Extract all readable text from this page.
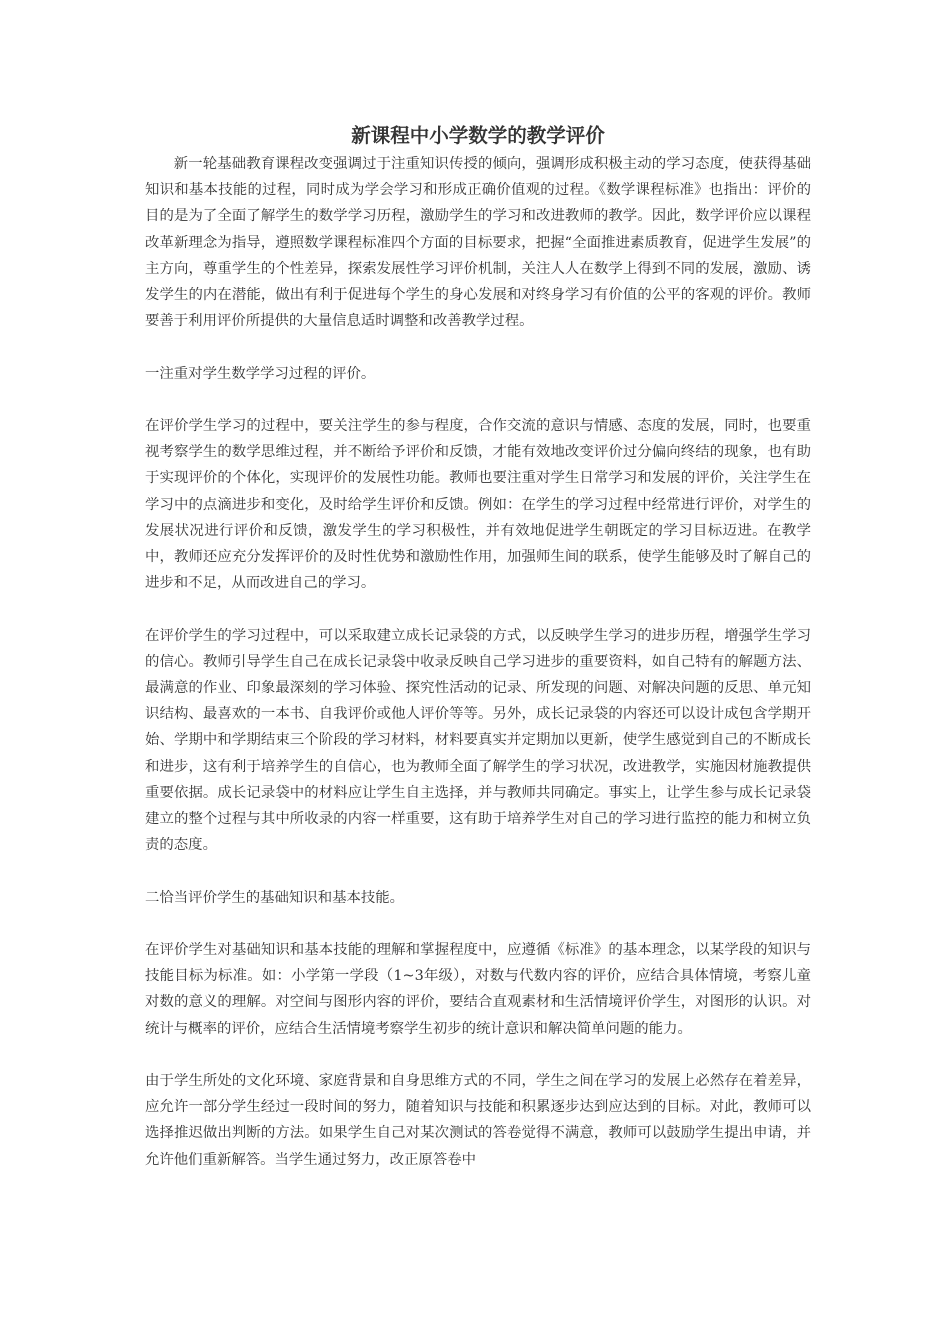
新课程中小学数学的教学评价

新一轮基础教育课程改变强调过于注重知识传授的倾向，强调形成积极主动的学习态度，使获得基础知识和基本技能的过程，同时成为学会学习和形成正确价值观的过程。《数学课程标准》也指出：评价的目的是为了全面了解学生的数学学习历程，激励学生的学习和改进教师的教学。因此，数学评价应以课程改革新理念为指导，遵照数学课程标准四个方面的目标要求，把握“全面推进素质教育，促进学生发展”的主方向，尊重学生的个性差异，探索发展性学习评价机制，关注人人在数学上得到不同的发展，激励、诱发学生的内在潜能，做出有利于促进每个学生的身心发展和对终身学习有价值的公平的客观的评价。教师要善于利用评价所提供的大量信息适时调整和改善教学过程。

一注重对学生数学学习过程的评价。

在评价学生学习的过程中，要关注学生的参与程度，合作交流的意识与情感、态度的发展，同时，也要重视考察学生的数学思维过程，并不断给予评价和反馈，才能有效地改变评价过分偏向终结的现象，也有助于实现评价的个体化，实现评价的发展性功能。教师也要注重对学生日常学习和发展的评价，关注学生在学习中的点滴进步和变化，及时给学生评价和反馈。例如：在学生的学习过程中经常进行评价，对学生的发展状况进行评价和反馈，激发学生的学习积极性，并有效地促进学生朝既定的学习目标迈进。在教学中，教师还应充分发挥评价的及时性优势和激励性作用，加强师生间的联系，使学生能够及时了解自己的进步和不足，从而改进自己的学习。

在评价学生的学习过程中，可以采取建立成长记录袋的方式，以反映学生学习的进步历程，增强学生学习的信心。教师引导学生自己在成长记录袋中收录反映自己学习进步的重要资料，如自己特有的解题方法、最满意的作业、印象最深刻的学习体验、探究性活动的记录、所发现的问题、对解决问题的反思、单元知识结构、最喜欢的一本书、自我评价或他人评价等等。另外，成长记录袋的内容还可以设计成包含学期开始、学期中和学期结束三个阶段的学习材料，材料要真实并定期加以更新，使学生感觉到自己的不断成长和进步，这有利于培养学生的自信心，也为教师全面了解学生的学习状况，改进教学，实施因材施教提供重要依据。成长记录袋中的材料应让学生自主选择，并与教师共同确定。事实上，让学生参与成长记录袋建立的整个过程与其中所收录的内容一样重要，这有助于培养学生对自己的学习进行监控的能力和树立负责的态度。

二恰当评价学生的基础知识和基本技能。

在评价学生对基础知识和基本技能的理解和掌握程度中，应遵循《标准》的基本理念，以某学段的知识与技能目标为标准。如：小学第一学段（1~3年级），对数与代数内容的评价，应结合具体情境，考察儿童对数的意义的理解。对空间与图形内容的评价，要结合直观素材和生活情境评价学生，对图形的认识。对统计与概率的评价，应结合生活情境考察学生初步的统计意识和解决简单问题的能力。

由于学生所处的文化环境、家庭背景和自身思维方式的不同，学生之间在学习的发展上必然存在着差异，应允许一部分学生经过一段时间的努力，随着知识与技能和积累逐步达到应达到的目标。对此，教师可以选择推迟做出判断的方法。如果学生自己对某次测试的答卷觉得不满意，教师可以鼓励学生提出申请，并允许他们重新解答。当学生通过努力，改正原答卷中
